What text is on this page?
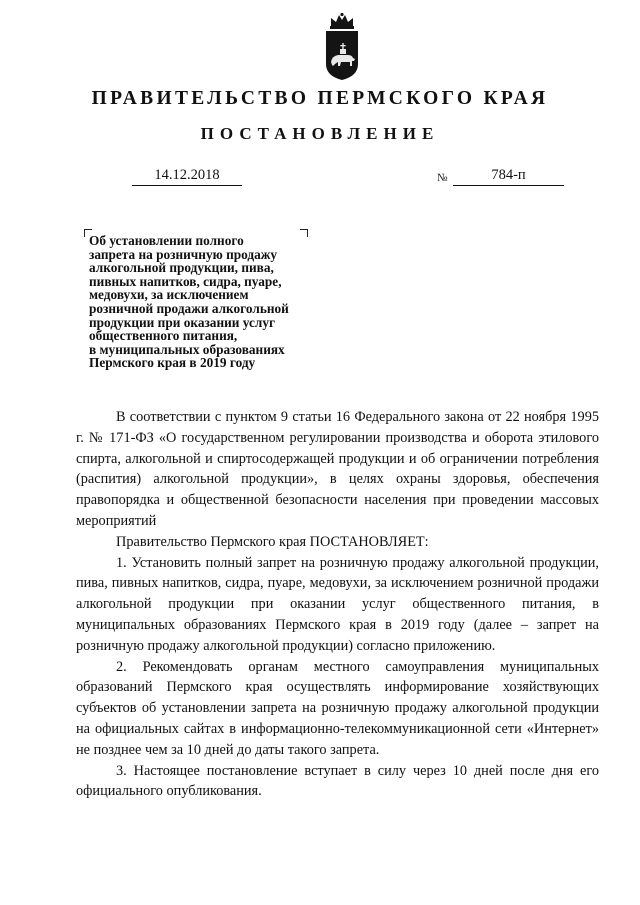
ПРАВИТЕЛЬСТВО ПЕРМСКОГО КРАЯ
ПОСТАНОВЛЕНИЕ
14.12.2018	№	784-п
Об установлении полного
запрета на розничную продажу
алкогольной продукции, пива,
пивных напитков, сидра, пуаре,
медовухи, за исключением
розничной продажи алкогольной
продукции при оказании услуг
общественного питания,
в муниципальных образованиях
Пермского края в 2019 году

В соответствии с пунктом 9 статьи 16 Федерального закона от 22 ноября 1995 г. № 171-ФЗ «О государственном регулировании производства и оборота этилового спирта, алкогольной и спиртосодержащей продукции и об ограничении потребления (распития) алкогольной продукции», в целях охраны здоровья, обеспечения правопорядка и общественной безопасности населения при проведении массовых мероприятий

Правительство Пермского края ПОСТАНОВЛЯЕТ:

1. Установить полный запрет на розничную продажу алкогольной продукции, пива, пивных напитков, сидра, пуаре, медовухи, за исключением розничной продажи алкогольной продукции при оказании услуг общественного питания, в муниципальных образованиях Пермского края в 2019 году (далее – запрет на розничную продажу алкогольной продукции) согласно приложению.

2. Рекомендовать органам местного самоуправления муниципальных образований Пермского края осуществлять информирование хозяйствующих субъектов об установлении запрета на розничную продажу алкогольной продукции на официальных сайтах в информационно-телекоммуникационной сети «Интернет» не позднее чем за 10 дней до даты такого запрета.

3. Настоящее постановление вступает в силу через 10 дней после дня его официального опубликования.
